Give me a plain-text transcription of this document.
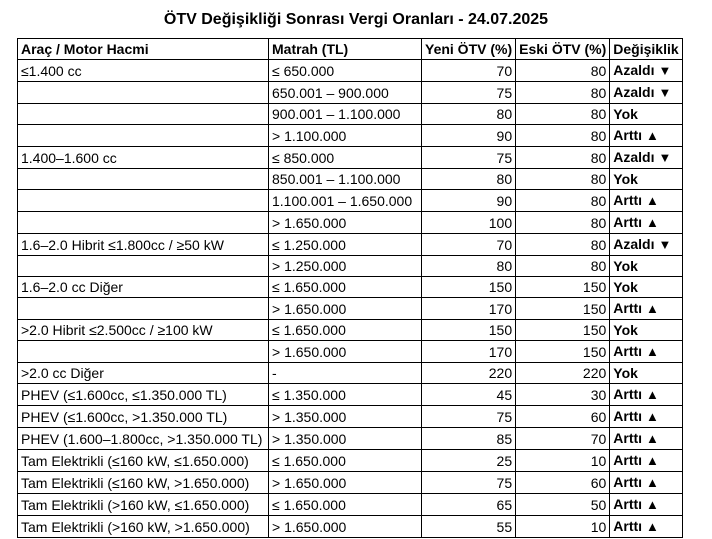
ÖTV Değişikliği Sonrası Vergi Oranları - 24.07.2025
Araç / Motor Hacmi	Matrah (TL)	Yeni ÖTV (%)	Eski ÖTV (%)	Değişiklik
≤1.400 cc	≤ 650.000	70	80	Azaldı ▼
	650.001 – 900.000	75	80	Azaldı ▼
	900.001 – 1.100.000	80	80	Yok
	> 1.100.000	90	80	Arttı ▲
1.400–1.600 cc	≤ 850.000	75	80	Azaldı ▼
	850.001 – 1.100.000	80	80	Yok
	1.100.001 – 1.650.000	90	80	Arttı ▲
	> 1.650.000	100	80	Arttı ▲
1.6–2.0 Hibrit ≤1.800cc / ≥50 kW	≤ 1.250.000	70	80	Azaldı ▼
	> 1.250.000	80	80	Yok
1.6–2.0 cc Diğer	≤ 1.650.000	150	150	Yok
	> 1.650.000	170	150	Arttı ▲
>2.0 Hibrit ≤2.500cc / ≥100 kW	≤ 1.650.000	150	150	Yok
	> 1.650.000	170	150	Arttı ▲
>2.0 cc Diğer	-	220	220	Yok
PHEV (≤1.600cc, ≤1.350.000 TL)	≤ 1.350.000	45	30	Arttı ▲
PHEV (≤1.600cc, >1.350.000 TL)	> 1.350.000	75	60	Arttı ▲
PHEV (1.600–1.800cc, >1.350.000 TL)	> 1.350.000	85	70	Arttı ▲
Tam Elektrikli (≤160 kW, ≤1.650.000)	≤ 1.650.000	25	10	Arttı ▲
Tam Elektrikli (≤160 kW, >1.650.000)	> 1.650.000	75	60	Arttı ▲
Tam Elektrikli (>160 kW, ≤1.650.000)	≤ 1.650.000	65	50	Arttı ▲
Tam Elektrikli (>160 kW, >1.650.000)	> 1.650.000	55	10	Arttı ▲
